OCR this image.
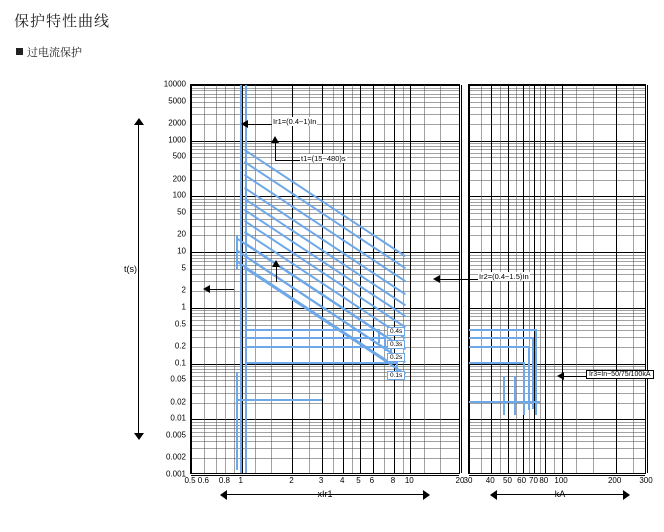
保护特性曲线
过电流保护
10000
5000
2000
1000
500
200
100
50
20
10
5
2
1
0.5
0.2
0.1
0.05
0.02
0.01
0.005
0.002
0.001
t(s)
0.5 0.6 0.8 1	2	3 4 5 6 8 10	20 30 40 50 60 70 80 100	200 300
xIr1	kA
Ir1=(0.4~1)In
t1=(15~480)s
Ir2=(0.4~1.5)In
Ir3=In~50/75/100kA
0.4s
0.3s
0.2s
0.1s
